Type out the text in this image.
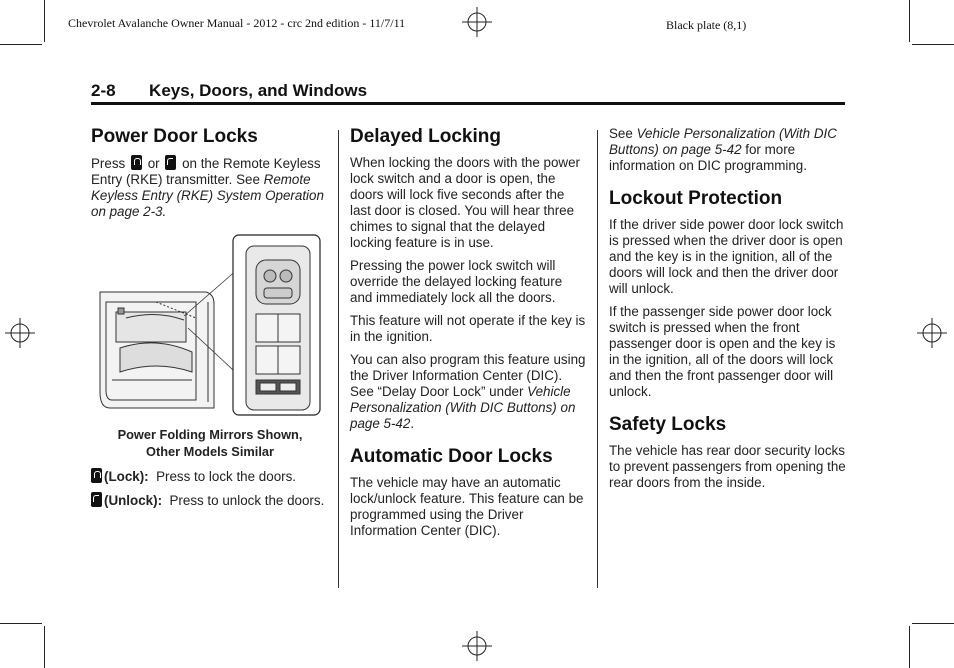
Chevrolet Avalanche Owner Manual - 2012 - crc 2nd edition - 11/7/11	Black plate (8,1)
2-8 Keys, Doors, and Windows
Power Door Locks

Press or on the Remote Keyless Entry (RKE) transmitter. See Remote Keyless Entry (RKE) System Operation on page 2-3.

Power Folding Mirrors Shown,
Other Models Similar

(Lock): Press to lock the doors.

(Unlock): Press to unlock the doors.

Delayed Locking

When locking the doors with the power lock switch and a door is open, the doors will lock five seconds after the last door is closed. You will hear three chimes to signal that the delayed locking feature is in use.

Pressing the power lock switch will override the delayed locking feature and immediately lock all the doors.

This feature will not operate if the key is in the ignition.

You can also program this feature using the Driver Information Center (DIC). See “Delay Door Lock” under Vehicle Personalization (With DIC Buttons) on page 5-42.

Automatic Door Locks

The vehicle may have an automatic lock/unlock feature. This feature can be programmed using the Driver Information Center (DIC).

See Vehicle Personalization (With DIC Buttons) on page 5-42 for more information on DIC programming.

Lockout Protection

If the driver side power door lock switch is pressed when the driver door is open and the key is in the ignition, all of the doors will lock and then the driver door will unlock.

If the passenger side power door lock switch is pressed when the front passenger door is open and the key is in the ignition, all of the doors will lock and then the front passenger door will unlock.

Safety Locks

The vehicle has rear door security locks to prevent passengers from opening the rear doors from the inside.
